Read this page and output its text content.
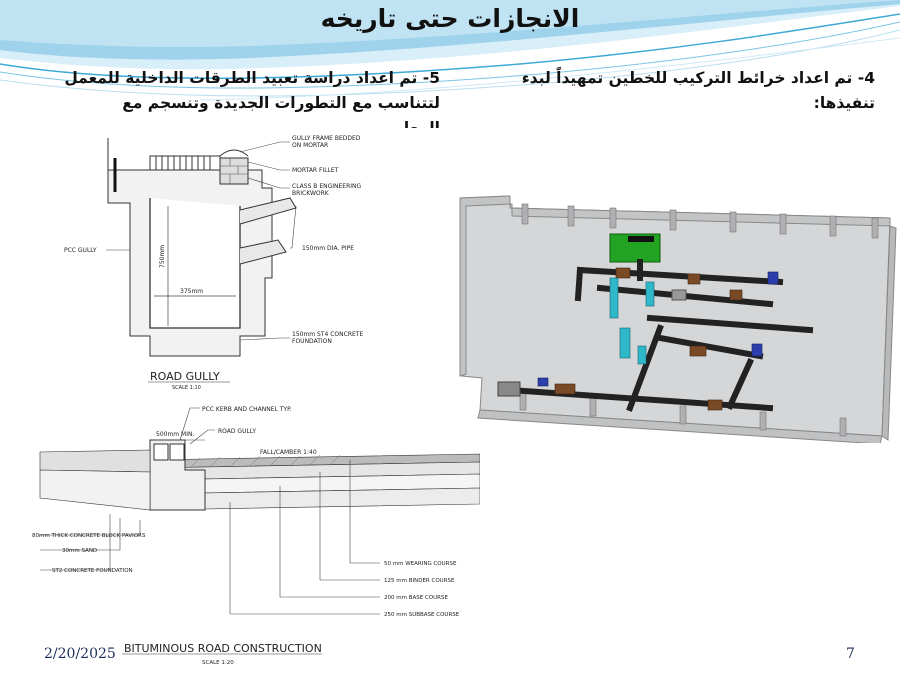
الانجازات حتى تاريخه
5- تم اعداد دراسة تعبيد الطرقات الداخلية للمعمل
لتتناسب مع التطورات الجديدة وتنسجم مع
4- تم اعداد خرائط التركيب للخطين تمهيداً لبدء
تنفيذها:
750mm
375mm
GULLY FRAME BEDDED
ON MORTAR
MORTAR FILLET
CLASS B ENGINEERING
BRICKWORK
150mm DIA. PIPE
PCC GULLY
150mm ST4 CONCRETE
FOUNDATION
ROAD GULLY
SCALE 1:10
500mm MIN.
FALL/CAMBER 1:40
PCC KERB AND CHANNEL TYP.
ROAD GULLY
80mm THICK CONCRETE BLOCK PAVIORS
30mm SAND
ST2 CONCRETE FOUNDATION
50 mm WEARING COURSE
125 mm BINDER COURSE
200 mm BASE COURSE
250 mm SUBBASE COURSE
BITUMINOUS ROAD CONSTRUCTION
SCALE 1:20
2/20/2025	7
